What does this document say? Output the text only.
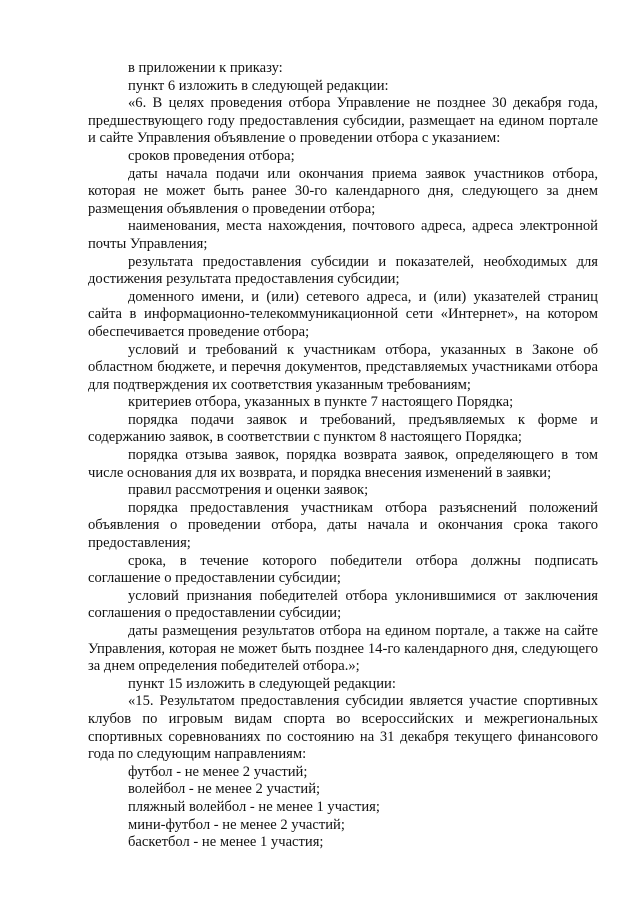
в приложении к приказу:

пункт 6 изложить в следующей редакции:

«6. В целях проведения отбора Управление не позднее 30 декабря года, предшествующего году предоставления субсидии, размещает на едином портале и сайте Управления объявление о проведении отбора с указанием:

сроков проведения отбора;

даты начала подачи или окончания приема заявок участников отбора, которая не может быть ранее 30-го календарного дня, следующего за днем размещения объявления о проведении отбора;

наименования, места нахождения, почтового адреса, адреса электронной почты Управления;

результата предоставления субсидии и показателей, необходимых для достижения результата предоставления субсидии;

доменного имени, и (или) сетевого адреса, и (или) указателей страниц сайта в информационно-телекоммуникационной сети «Интернет», на котором обеспечивается проведение отбора;

условий и требований к участникам отбора, указанных в Законе об областном бюджете, и перечня документов, представляемых участниками отбора для подтверждения их соответствия указанным требованиям;

критериев отбора, указанных в пункте 7 настоящего Порядка;

порядка подачи заявок и требований, предъявляемых к форме и содержанию заявок, в соответствии с пунктом 8 настоящего Порядка;

порядка отзыва заявок, порядка возврата заявок, определяющего в том числе основания для их возврата, и порядка внесения изменений в заявки;

правил рассмотрения и оценки заявок;

порядка предоставления участникам отбора разъяснений положений объявления о проведении отбора, даты начала и окончания срока такого предоставления;

срока, в течение которого победители отбора должны подписать соглашение о предоставлении субсидии;

условий признания победителей отбора уклонившимися от заключения соглашения о предоставлении субсидии;

даты размещения результатов отбора на едином портале, а также на сайте Управления, которая не может быть позднее 14-го календарного дня, следующего за днем определения победителей отбора.»;

пункт 15 изложить в следующей редакции:

«15. Результатом предоставления субсидии является участие спортивных клубов по игровым видам спорта во всероссийских и межрегиональных спортивных соревнованиях по состоянию на 31 декабря текущего финансового года по следующим направлениям:

футбол - не менее 2 участий;

волейбол - не менее 2 участий;

пляжный волейбол - не менее 1 участия;

мини-футбол - не менее 2 участий;

баскетбол - не менее 1 участия;
